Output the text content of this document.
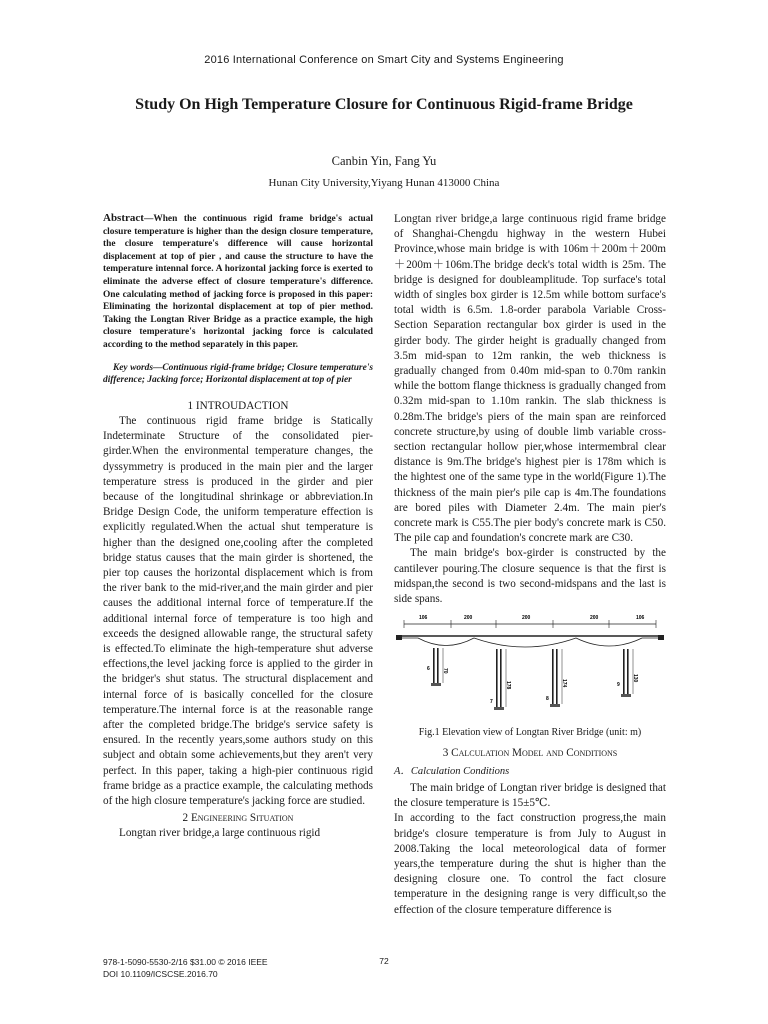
2016 International Conference on Smart City and Systems Engineering
Study On High Temperature Closure for Continuous Rigid-frame Bridge
Canbin Yin, Fang Yu
Hunan City University,Yiyang Hunan 413000 China

Abstract—When the continuous rigid frame bridge's actual closure temperature is higher than the design closure temperature, the closure temperature's difference will cause horizontal displacement at top of pier , and cause the structure to have the temperature intennal force. A horizontal jacking force is exerted to eliminate the adverse effect of closure temperature's difference. One calculating method of jacking force is proposed in this paper: Eliminating the horizontal displacement at top of pier method. Taking the Longtan River Bridge as a practice example, the high closure temperature's horizontal jacking force is calculated according to the method separately in this paper.

Key words—Continuous rigid-frame bridge; Closure temperature's difference; Jacking force; Horizontal displacement at top of pier

1 INTROUDACTION

The continuous rigid frame bridge is Statically Indeterminate Structure of the consolidated pier-girder.When the environmental temperature changes, the dyssymmetry is produced in the main pier and the larger temperature stress is produced in the girder and pier because of the longitudinal shrinkage or abbreviation.In Bridge Design Code, the uniform temperature effection is explicitly regulated.When the actual shut temperature is higher than the designed one,cooling after the completed bridge status causes that the main girder is shortened, the pier top causes the horizontal displacement which is from the river bank to the mid-river,and the main girder and pier causes the additional internal force of temperature.If the additional internal force of temperature is too high and exceeds the designed allowable range, the structural safety is effected.To eliminate the high-temperature shut adverse effections,the level jacking force is applied to the girder in the bridger's shut status. The structural displacement and internal force of is basically concelled for the closure temperature.The internal force is at the reasonable range after the completed bridge.The bridge's service safety is ensured. In the recently years,some authors study on this subject and obtain some achievements,but they aren't very perfect. In this paper, taking a high-pier continuous rigid frame bridge as a practice example, the calculating methods of the high closure temperature's jacking force are studied.

2 Engineering Situation

Longtan river bridge,a large continuous rigid

Longtan river bridge,a large continuous rigid frame bridge of Shanghai-Chengdu highway in the western Hubei Province,whose main bridge is with 106m＋200m＋200m＋200m＋106m.The bridge deck's total width is 25m. The bridge is designed for doubleamplitude. Top surface's total width of singles box girder is 12.5m while bottom surface's total width is 6.5m. 1.8-order parabola Variable Cross-Section Separation rectangular box girder is used in the girder body. The girder height is gradually changed from 3.5m mid-span to 12m rankin, the web thickness is gradually changed from 0.40m mid-span to 0.70m rankin while the bottom flange thickness is gradually changed from 0.32m mid-span to 1.10m rankin. The slab thickness is 0.28m.The bridge's piers of the main span are reinforced concrete structure,by using of double limb variable cross-section rectangular hollow pier,whose intermembral clear distance is 9m.The bridge's highest pier is 178m which is the hightest one of the same type in the world(Figure 1).The thickness of the main pier's pile cap is 4m.The foundations are bored piles with Diameter 2.4m. The main pier's concrete mark is C55.The pier body's concrete mark is C50. The pile cap and foundation's concrete mark are C30.

The main bridge's box-girder is constructed by the cantilever pouring.The closure sequence is that the first is midspan,the second is two second-midspans and the last is side spans.

106	200	200	200	106
6
7	8
9
70
178	174
130
Fig.1 Elevation view of Longtan River Bridge (unit: m)
3 Calculation Model and Conditions
A．Calculation Conditions

The main bridge of Longtan river bridge is designed that the closure temperature is 15±5℃.

In according to the fact construction progress,the main bridge's closure temperature is from July to August in 2008.Taking the local meteorological data of former years,the temperature during the shut is higher than the designing closure one. To control the fact closure temperature in the designing range is very difficult,so the effection of the closure temperature difference is

978-1-5090-5530-2/16 $31.00 © 2016 IEEE
DOI 10.1109/ICSCSE.2016.70
72
